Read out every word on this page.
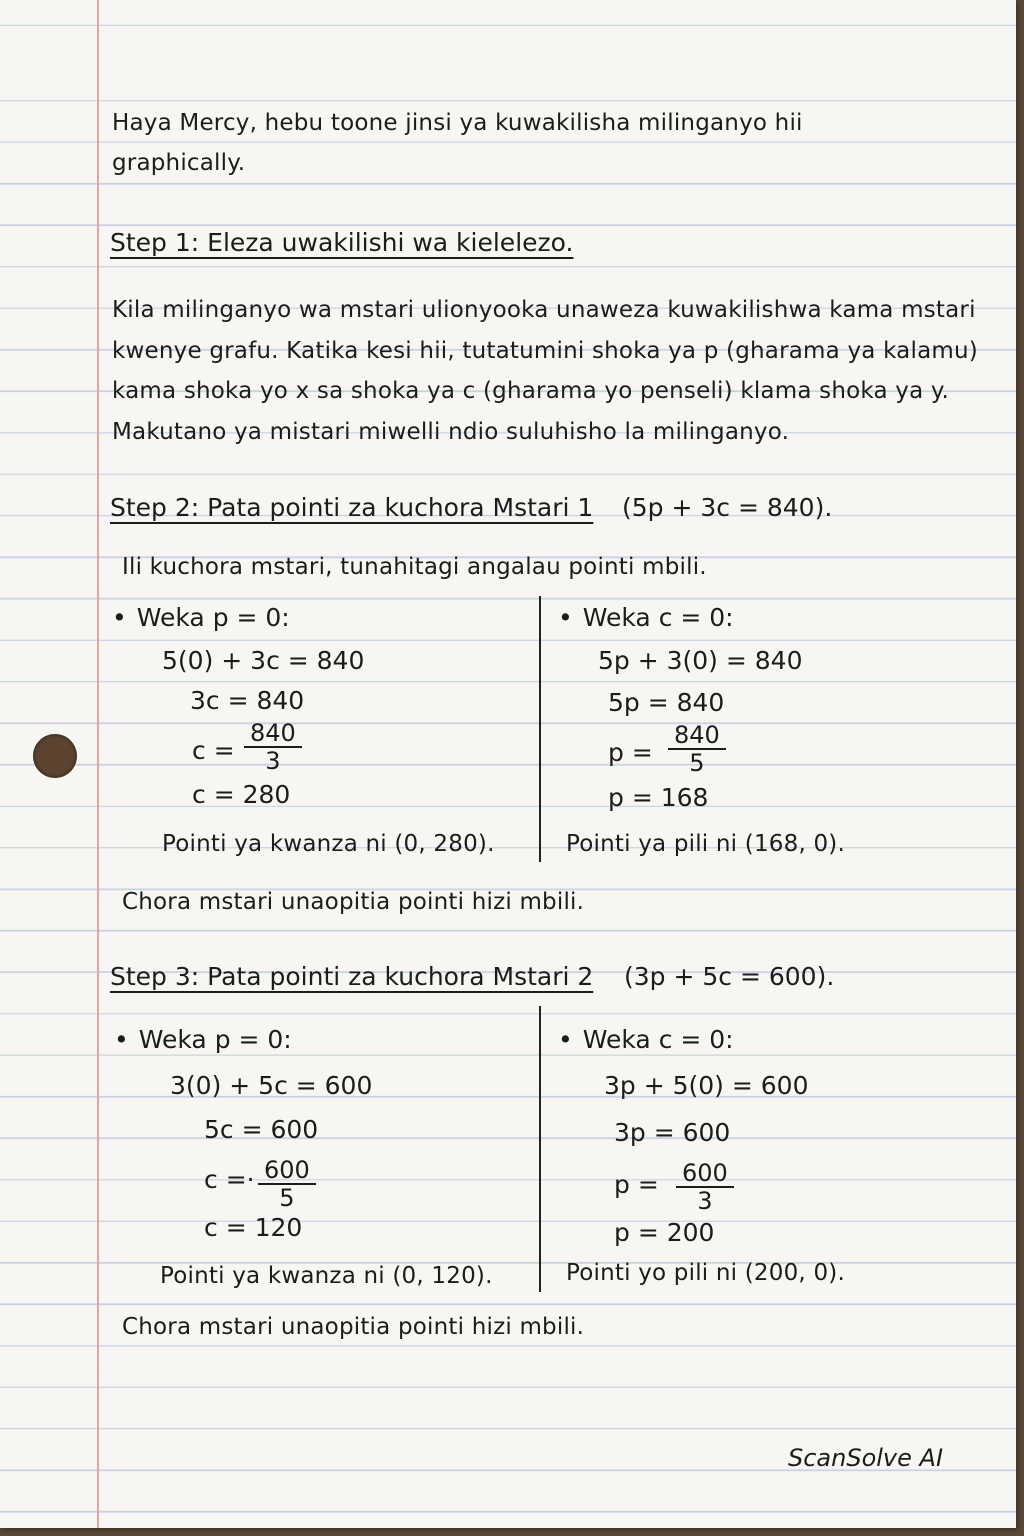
Haya Mercy, hebu toone jinsi ya kuwakilisha milinganyo hii
graphically.
Step 1: Eleza uwakilishi wa kielelezo.
Kila milinganyo wa mstari ulionyooka unaweza kuwakilishwa kama mstari
kwenye grafu. Katika kesi hii, tutatumini shoka ya p (gharama ya kalamu)
kama shoka yo x sa shoka ya c (gharama yo penseli) klama shoka ya y.
Makutano ya mistari miwelli ndio suluhisho la milinganyo.
Step 2: Pata pointi za kuchora Mstari 1 (5p + 3c = 840).
Ili kuchora mstari, tunahitagi angalau pointi mbili.
• Weka p = 0:
5(0) + 3c = 840
3c = 840
$c = \frac{840}{3}$
c = 280
Pointi ya kwanza ni (0, 280).
• Weka c = 0:
5p + 3(0) = 840
5p = 840
$p = \frac{840}{5}$
p = 168
Pointi ya pili ni (168, 0).
Chora mstari unaopitia pointi hizi mbili.
Step 3: Pata pointi za kuchora Mstari 2 (3p + 5c = 600).
• Weka p = 0:
3(0) + 5c = 600
5c = 600
$c =\cdot \frac{600}{5}$
c = 120
Pointi ya kwanza ni (0, 120).
• Weka c = 0:
3p + 5(0) = 600
3p = 600
$p = \frac{600}{3}$
p = 200
Pointi yo pili ni (200, 0).
Chora mstari unaopitia pointi hizi mbili.
ScanSolve AI
